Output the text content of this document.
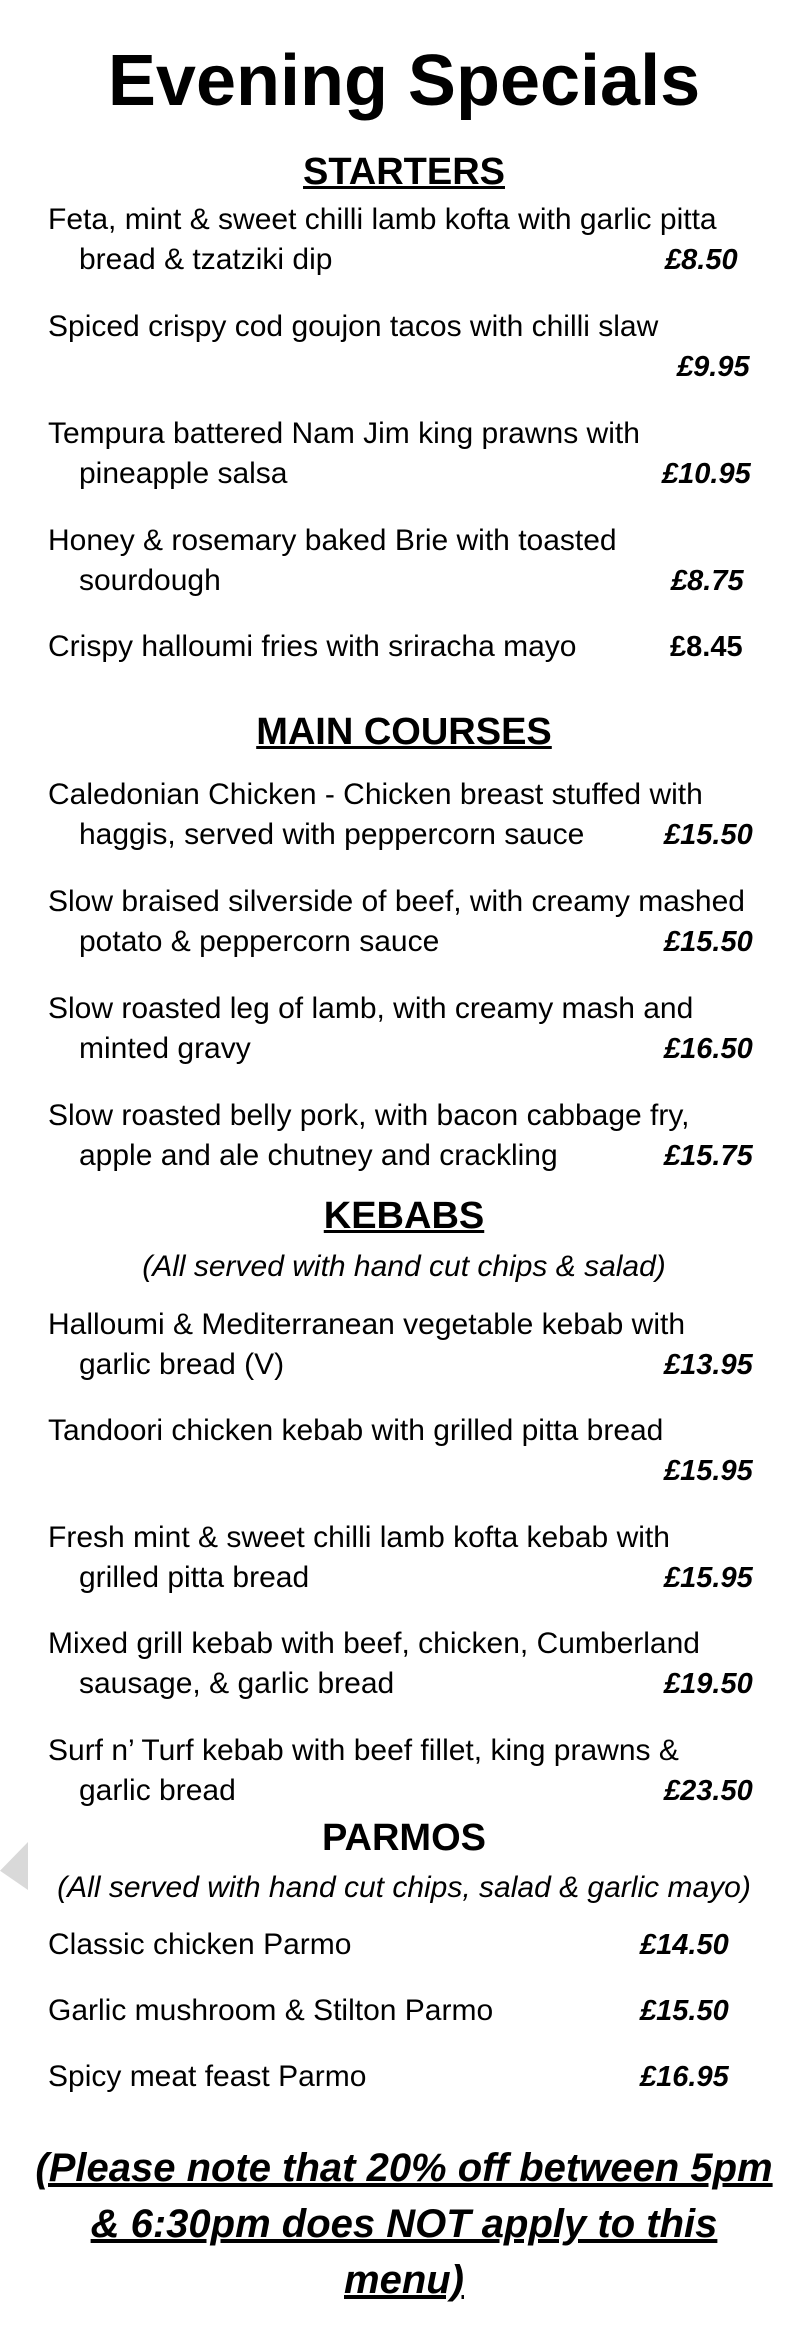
Evening Specials
STARTERS
Feta, mint & sweet chilli lamb kofta with garlic pitta
bread & tzatziki dip	£8.50
Spiced crispy cod goujon tacos with chilli slaw
£9.95
Tempura battered Nam Jim king prawns with
pineapple salsa	£10.95
Honey & rosemary baked Brie with toasted
sourdough	£8.75
Crispy halloumi fries with sriracha mayo	£8.45
MAIN COURSES
Caledonian Chicken - Chicken breast stuffed with
haggis, served with peppercorn sauce	£15.50
Slow braised silverside of beef, with creamy mashed
potato & peppercorn sauce	£15.50
Slow roasted leg of lamb, with creamy mash and
minted gravy	£16.50
Slow roasted belly pork, with bacon cabbage fry,
apple and ale chutney and crackling	£15.75
KEBABS
(All served with hand cut chips & salad)
Halloumi & Mediterranean vegetable kebab with
garlic bread (V)	£13.95
Tandoori chicken kebab with grilled pitta bread
£15.95
Fresh mint & sweet chilli lamb kofta kebab with
grilled pitta bread	£15.95
Mixed grill kebab with beef, chicken, Cumberland
sausage, & garlic bread	£19.50
Surf n’ Turf kebab with beef fillet, king prawns &
garlic bread	£23.50
PARMOS
(All served with hand cut chips, salad & garlic mayo)
Classic chicken Parmo	£14.50
Garlic mushroom & Stilton Parmo	£15.50
Spicy meat feast Parmo	£16.95
(Please note that 20% off between 5pm & 6:30pm does NOT apply to this menu)
